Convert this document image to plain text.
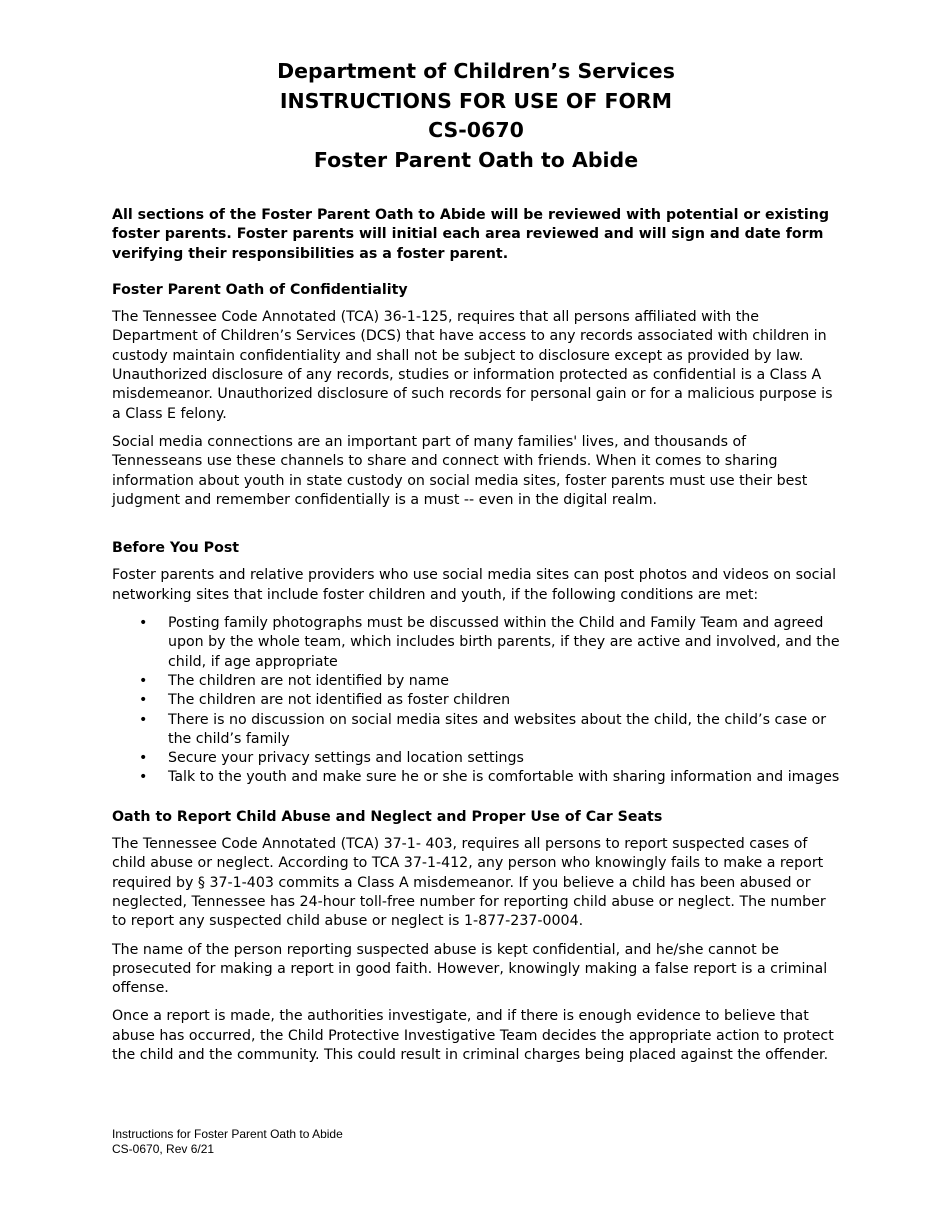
Department of Children’s Services
INSTRUCTIONS FOR USE OF FORM
CS-0670
Foster Parent Oath to Abide
All sections of the Foster Parent Oath to Abide will be reviewed with potential or existing foster parents. Foster parents will initial each area reviewed and will sign and date form verifying their responsibilities as a foster parent.
Foster Parent Oath of Confidentiality

The Tennessee Code Annotated (TCA) 36-1-125, requires that all persons affiliated with the Department of Children’s Services (DCS) that have access to any records associated with children in custody maintain confidentiality and shall not be subject to disclosure except as provided by law. Unauthorized disclosure of any records, studies or information protected as confidential is a Class A misdemeanor. Unauthorized disclosure of such records for personal gain or for a malicious purpose is a Class E felony.

Social media connections are an important part of many families' lives, and thousands of Tennesseans use these channels to share and connect with friends. When it comes to sharing information about youth in state custody on social media sites, foster parents must use their best judgment and remember confidentially is a must -- even in the digital realm.

Before You Post

Foster parents and relative providers who use social media sites can post photos and videos on social networking sites that include foster children and youth, if the following conditions are met:

• Posting family photographs must be discussed within the Child and Family Team and agreed upon by the whole team, which includes birth parents, if they are active and involved, and the child, if age appropriate
• The children are not identified by name
• The children are not identified as foster children
• There is no discussion on social media sites and websites about the child, the child’s case or the child’s family
• Secure your privacy settings and location settings
• Talk to the youth and make sure he or she is comfortable with sharing information and images
Oath to Report Child Abuse and Neglect and Proper Use of Car Seats

The Tennessee Code Annotated (TCA) 37-1- 403, requires all persons to report suspected cases of child abuse or neglect. According to TCA 37-1-412, any person who knowingly fails to make a report required by § 37-1-403 commits a Class A misdemeanor. If you believe a child has been abused or neglected, Tennessee has 24-hour toll-free number for reporting child abuse or neglect. The number to report any suspected child abuse or neglect is 1-877-237-0004.

The name of the person reporting suspected abuse is kept confidential, and he/she cannot be prosecuted for making a report in good faith. However, knowingly making a false report is a criminal offense.

Once a report is made, the authorities investigate, and if there is enough evidence to believe that abuse has occurred, the Child Protective Investigative Team decides the appropriate action to protect the child and the community. This could result in criminal charges being placed against the offender.

Instructions for Foster Parent Oath to Abide
CS-0670, Rev 6/21
